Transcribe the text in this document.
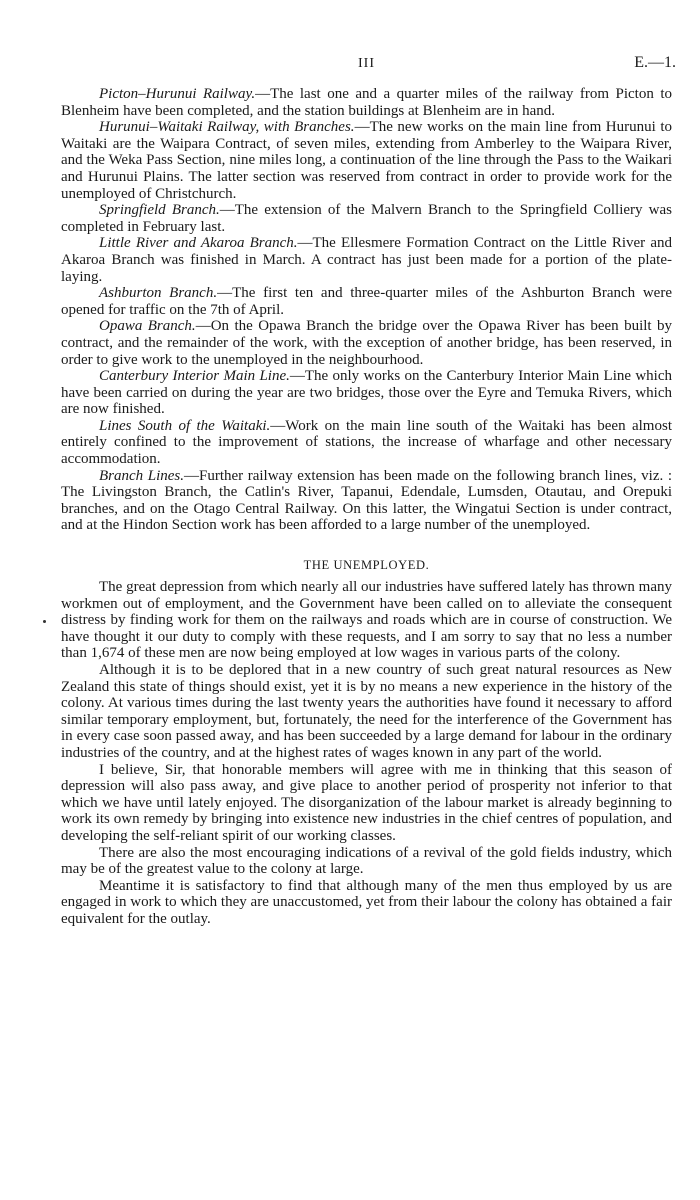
III	E.—1.

Picton–Hurunui Railway.—The last one and a quarter miles of the railway from Picton to Blenheim have been completed, and the station buildings at Blenheim are in hand.

Hurunui–Waitaki Railway, with Branches.—The new works on the main line from Hurunui to Waitaki are the Waipara Contract, of seven miles, extending from Amberley to the Waipara River, and the Weka Pass Section, nine miles long, a continuation of the line through the Pass to the Waikari and Hurunui Plains. The latter section was reserved from contract in order to provide work for the unemployed of Christchurch.

Springfield Branch.—The extension of the Malvern Branch to the Springfield Colliery was completed in February last.

Little River and Akaroa Branch.—The Ellesmere Formation Contract on the Little River and Akaroa Branch was finished in March. A contract has just been made for a portion of the plate-laying.

Ashburton Branch.—The first ten and three-quarter miles of the Ashburton Branch were opened for traffic on the 7th of April.

Opawa Branch.—On the Opawa Branch the bridge over the Opawa River has been built by contract, and the remainder of the work, with the exception of another bridge, has been reserved, in order to give work to the unemployed in the neighbourhood.

Canterbury Interior Main Line.—The only works on the Canterbury Interior Main Line which have been carried on during the year are two bridges, those over the Eyre and Temuka Rivers, which are now finished.

Lines South of the Waitaki.—Work on the main line south of the Waitaki has been almost entirely confined to the improvement of stations, the increase of wharfage and other necessary accommodation.

Branch Lines.—Further railway extension has been made on the following branch lines, viz. : The Livingston Branch, the Catlin's River, Tapanui, Edendale, Lumsden, Otautau, and Orepuki branches, and on the Otago Central Railway. On this latter, the Wingatui Section is under contract, and at the Hindon Section work has been afforded to a large number of the unemployed.

THE UNEMPLOYED.

The great depression from which nearly all our industries have suffered lately has thrown many workmen out of employment, and the Government have been called on to alleviate the consequent distress by finding work for them on the railways and roads which are in course of construction. We have thought it our duty to comply with these requests, and I am sorry to say that no less a number than 1,674 of these men are now being employed at low wages in various parts of the colony.

Although it is to be deplored that in a new country of such great natural resources as New Zealand this state of things should exist, yet it is by no means a new experience in the history of the colony. At various times during the last twenty years the authorities have found it necessary to afford similar temporary employment, but, fortunately, the need for the interference of the Government has in every case soon passed away, and has been succeeded by a large demand for labour in the ordinary industries of the country, and at the highest rates of wages known in any part of the world.

I believe, Sir, that honorable members will agree with me in thinking that this season of depression will also pass away, and give place to another period of prosperity not inferior to that which we have until lately enjoyed. The disorganization of the labour market is already beginning to work its own remedy by bringing into existence new industries in the chief centres of population, and developing the self-reliant spirit of our working classes.

There are also the most encouraging indications of a revival of the gold fields industry, which may be of the greatest value to the colony at large.

Meantime it is satisfactory to find that although many of the men thus employed by us are engaged in work to which they are unaccustomed, yet from their labour the colony has obtained a fair equivalent for the outlay.
